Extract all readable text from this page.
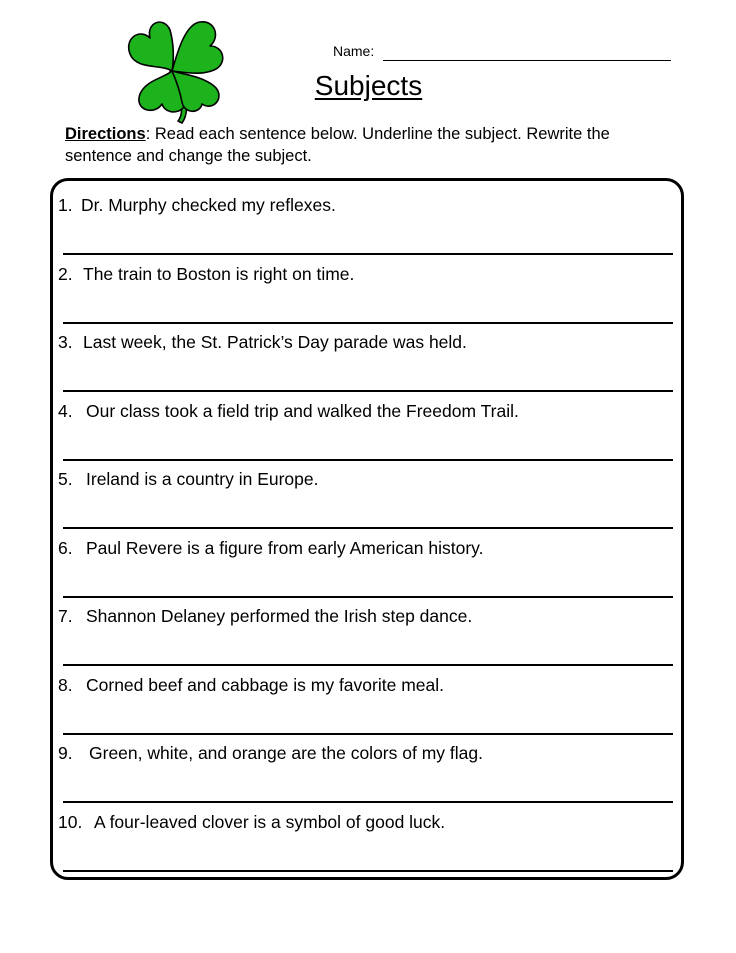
Name:
Subjects
Directions: Read each sentence below. Underline the subject. Rewrite the sentence and change the subject.
1. Dr. Murphy checked my reflexes.
2. The train to Boston is right on time.
3. Last week, the St. Patrick’s Day parade was held.
4. Our class took a field trip and walked the Freedom Trail.
5. Ireland is a country in Europe.
6. Paul Revere is a figure from early American history.
7. Shannon Delaney performed the Irish step dance.
8. Corned beef and cabbage is my favorite meal.
9. Green, white, and orange are the colors of my flag.
10. A four-leaved clover is a symbol of good luck.
